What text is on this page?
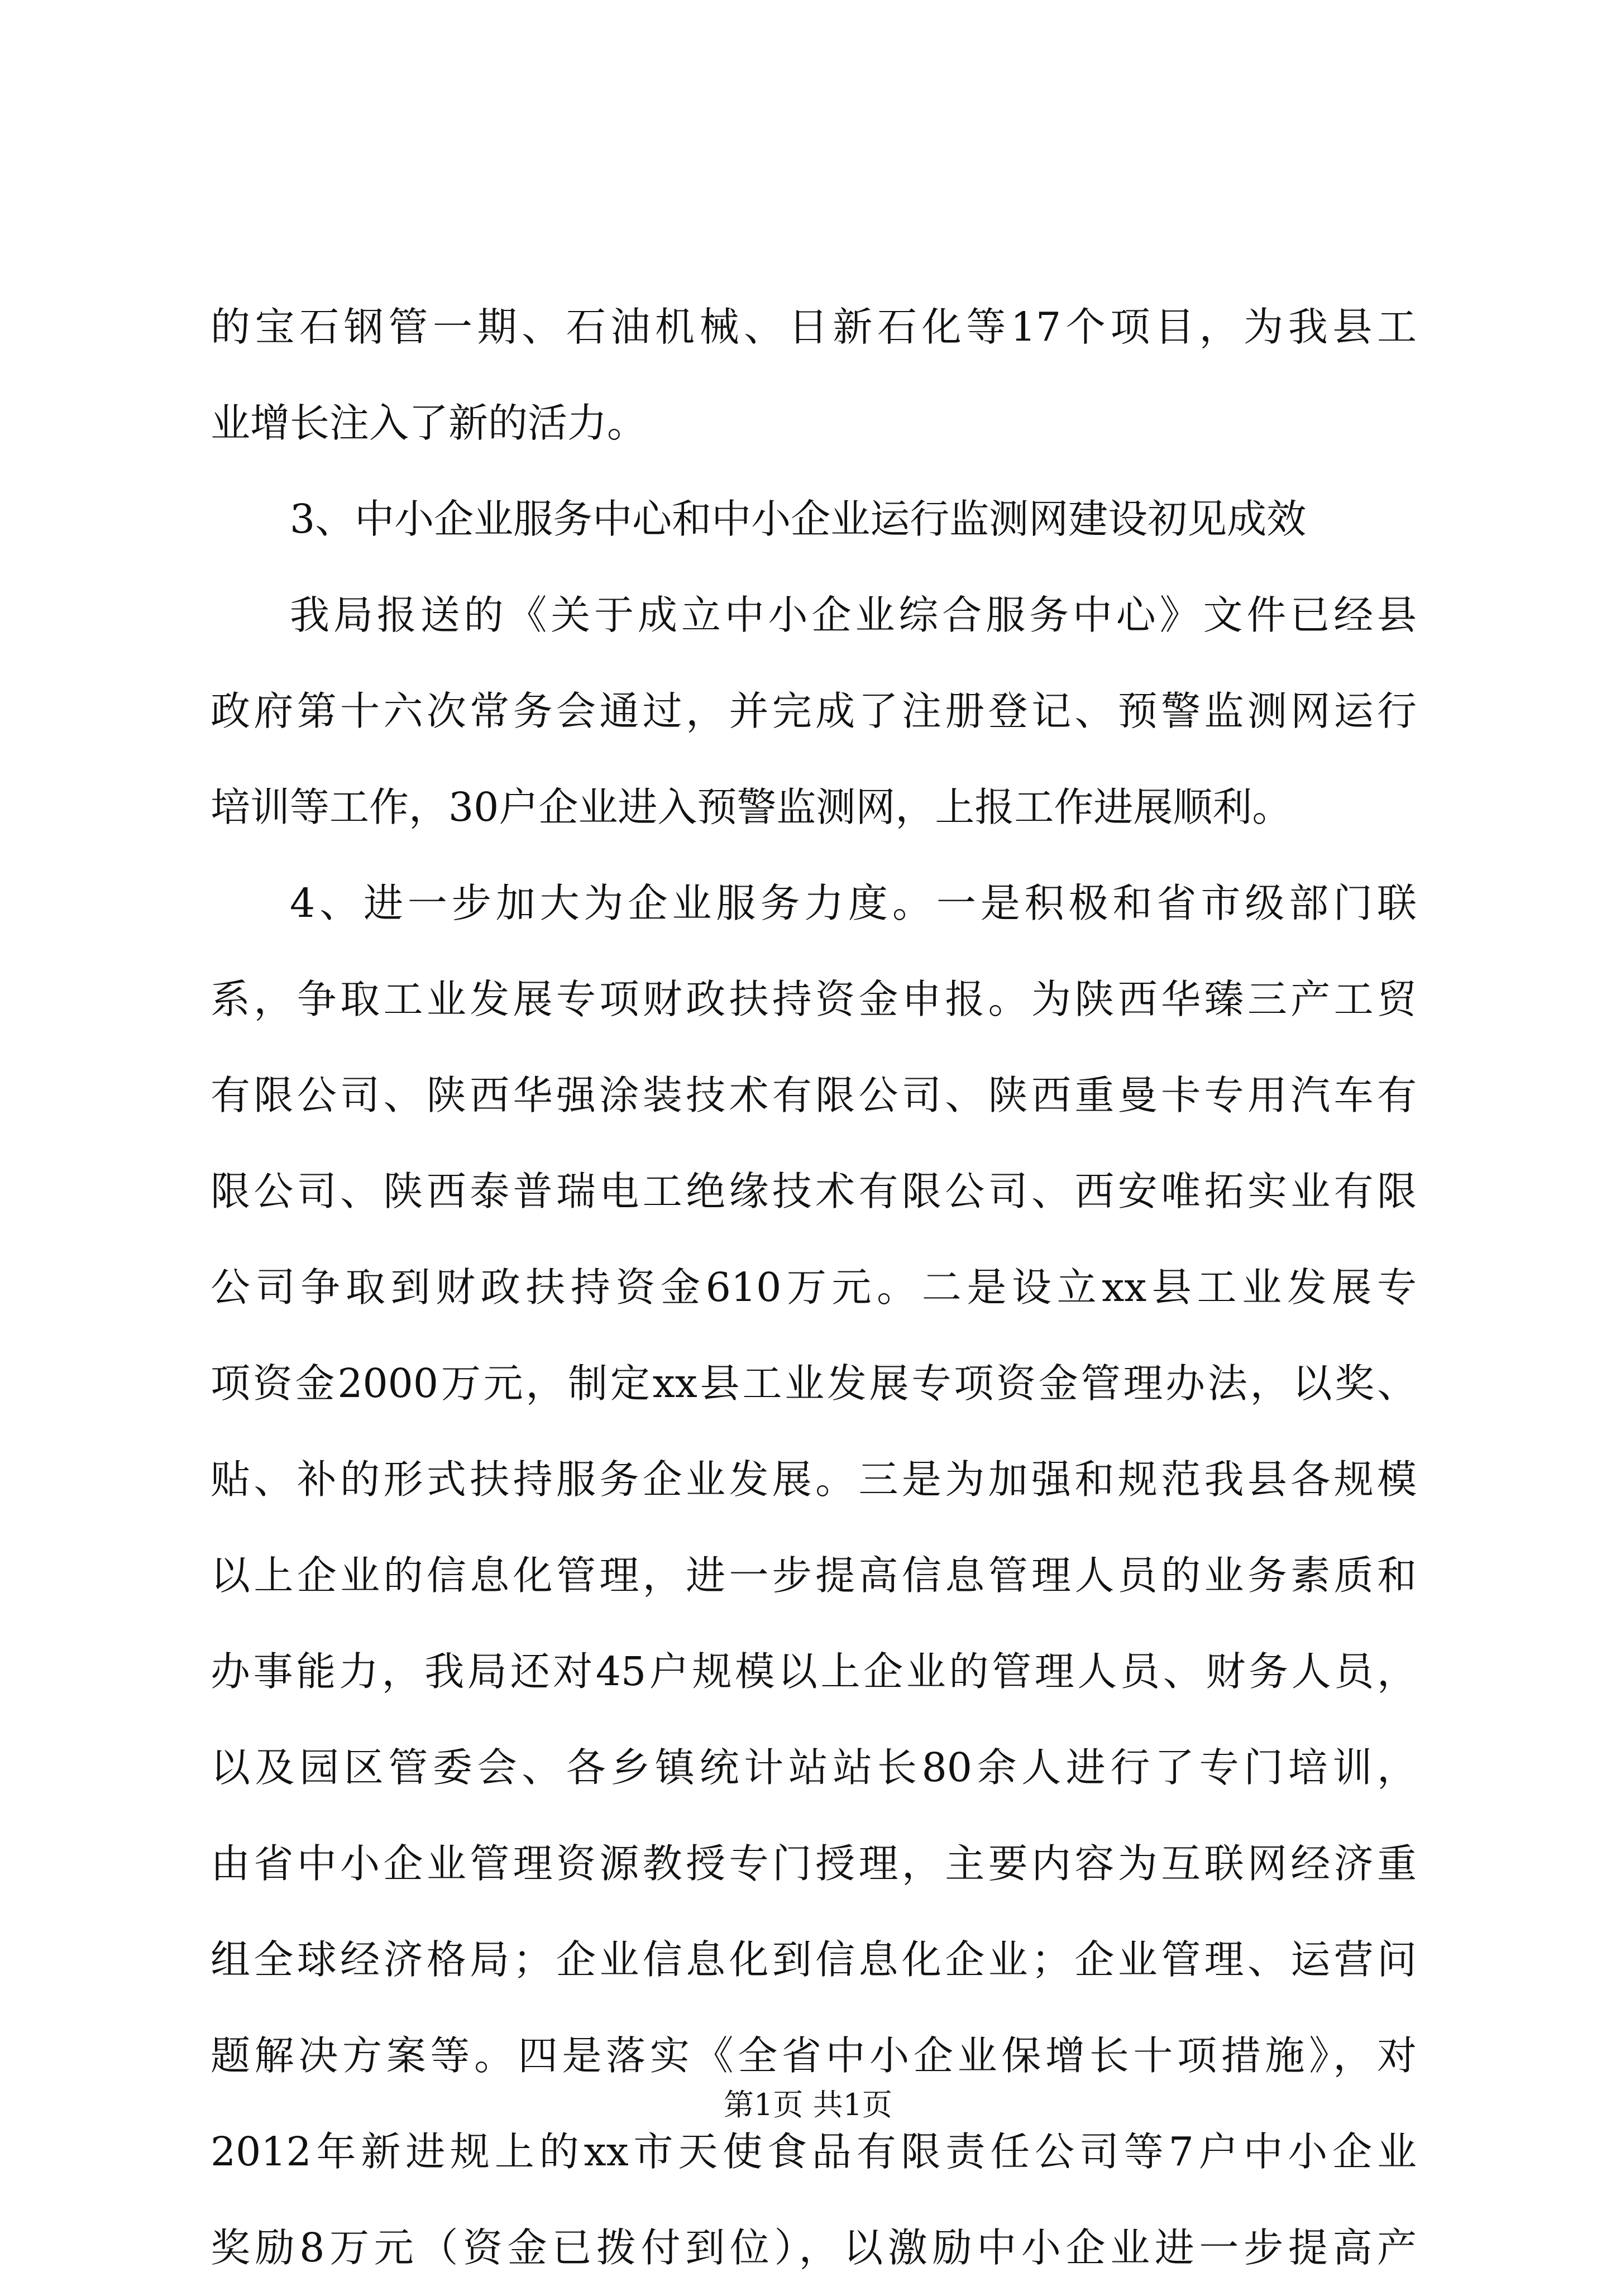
的宝石钢管一期、石油机械、日新石化等17个项目，为我县工
业增长注入了新的活力。
3、中小企业服务中心和中小企业运行监测网建设初见成效
我局报送的《关于成立中小企业综合服务中心》文件已经县
政府第十六次常务会通过，并完成了注册登记、预警监测网运行
培训等工作，30户企业进入预警监测网，上报工作进展顺利。
4、进一步加大为企业服务力度。一是积极和省市级部门联
系，争取工业发展专项财政扶持资金申报。为陕西华臻三产工贸
有限公司、陕西华强涂装技术有限公司、陕西重曼卡专用汽车有
限公司、陕西泰普瑞电工绝缘技术有限公司、西安唯拓实业有限
公司争取到财政扶持资金610万元。二是设立xx县工业发展专
项资金2000万元，制定xx县工业发展专项资金管理办法，以奖、
贴、补的形式扶持服务企业发展。三是为加强和规范我县各规模
以上企业的信息化管理，进一步提高信息管理人员的业务素质和
办事能力，我局还对45户规模以上企业的管理人员、财务人员，
以及园区管委会、各乡镇统计站站长80余人进行了专门培训，
由省中小企业管理资源教授专门授理，主要内容为互联网经济重
组全球经济格局；企业信息化到信息化企业；企业管理、运营问
题解决方案等。四是落实《全省中小企业保增长十项措施》，对
2012年新进规上的xx市天使食品有限责任公司等7户中小企业
奖励8万元（资金已拨付到位），以激励中小企业进一步提高产
第1页 共1页
